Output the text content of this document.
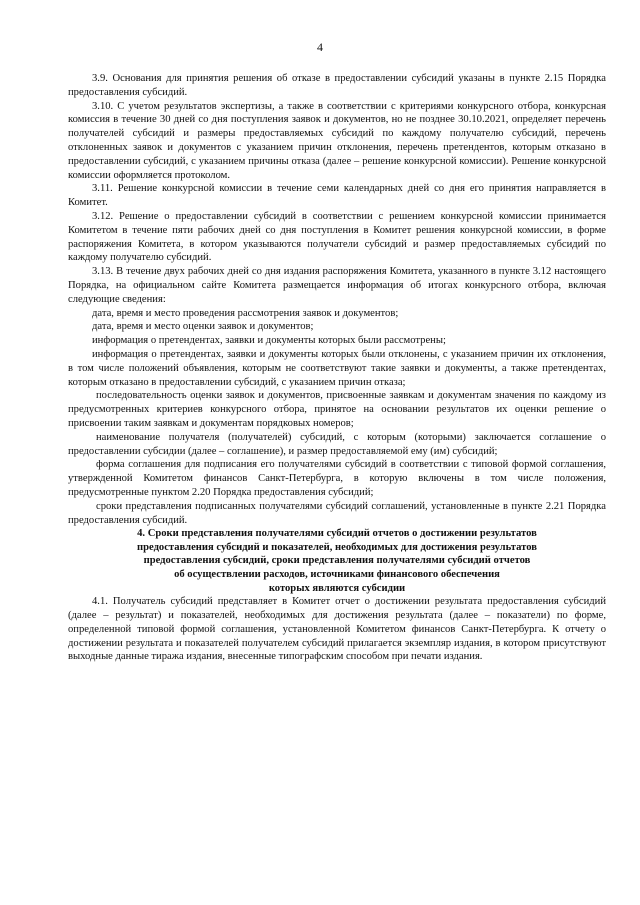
4

3.9. Основания для принятия решения об отказе в предоставлении субсидий указаны в пункте 2.15 Порядка предоставления субсидий.

3.10. С учетом результатов экспертизы, а также в соответствии с критериями конкурсного отбора, конкурсная комиссия в течение 30 дней со дня поступления заявок и документов, но не позднее 30.10.2021, определяет перечень получателей субсидий и размеры предоставляемых субсидий по каждому получателю субсидий, перечень отклоненных заявок и документов с указанием причин отклонения, перечень претендентов, которым отказано в предоставлении субсидий, с указанием причины отказа (далее – решение конкурсной комиссии). Решение конкурсной комиссии оформляется протоколом.

3.11. Решение конкурсной комиссии в течение семи календарных дней со дня его принятия направляется в Комитет.

3.12. Решение о предоставлении субсидий в соответствии с решением конкурсной комиссии принимается Комитетом в течение пяти рабочих дней со дня поступления в Комитет решения конкурсной комиссии, в форме распоряжения Комитета, в котором указываются получатели субсидий и размер предоставляемых субсидий по каждому получателю субсидий.

3.13. В течение двух рабочих дней со дня издания распоряжения Комитета, указанного в пункте 3.12 настоящего Порядка, на официальном сайте Комитета размещается информация об итогах конкурсного отбора, включая следующие сведения:

дата, время и место проведения рассмотрения заявок и документов;

дата, время и место оценки заявок и документов;

информация о претендентах, заявки и документы которых были рассмотрены;

информация о претендентах, заявки и документы которых были отклонены, с указанием причин их отклонения, в том числе положений объявления, которым не соответствуют такие заявки и документы, а также претендентах, которым отказано в предоставлении субсидий, с указанием причин отказа;

последовательность оценки заявок и документов, присвоенные заявкам и документам значения по каждому из предусмотренных критериев конкурсного отбора, принятое на основании результатов их оценки решение о присвоении таким заявкам и документам порядковых номеров;

наименование получателя (получателей) субсидий, с которым (которыми) заключается соглашение о предоставлении субсидии (далее – соглашение), и размер предоставляемой ему (им) субсидий;

форма соглашения для подписания его получателями субсидий в соответствии с типовой формой соглашения, утвержденной Комитетом финансов Санкт-Петербурга, в которую включены в том числе положения, предусмотренные пунктом 2.20 Порядка предоставления субсидий;

сроки представления подписанных получателями субсидий соглашений, установленные в пункте 2.21 Порядка предоставления субсидий.

4. Сроки представления получателями субсидий отчетов о достижении результатов
предоставления субсидий и показателей, необходимых для достижения результатов
предоставления субсидий, сроки представления получателями субсидий отчетов
об осуществлении расходов, источниками финансового обеспечения
которых являются субсидии

4.1. Получатель субсидий представляет в Комитет отчет о достижении результата предоставления субсидий (далее – результат) и показателей, необходимых для достижения результата (далее – показатели) по форме, определенной типовой формой соглашения, установленной Комитетом финансов Санкт-Петербурга. К отчету о достижении результата и показателей получателем субсидий прилагается экземпляр издания, в котором присутствуют выходные данные тиража издания, внесенные типографским способом при печати издания.
